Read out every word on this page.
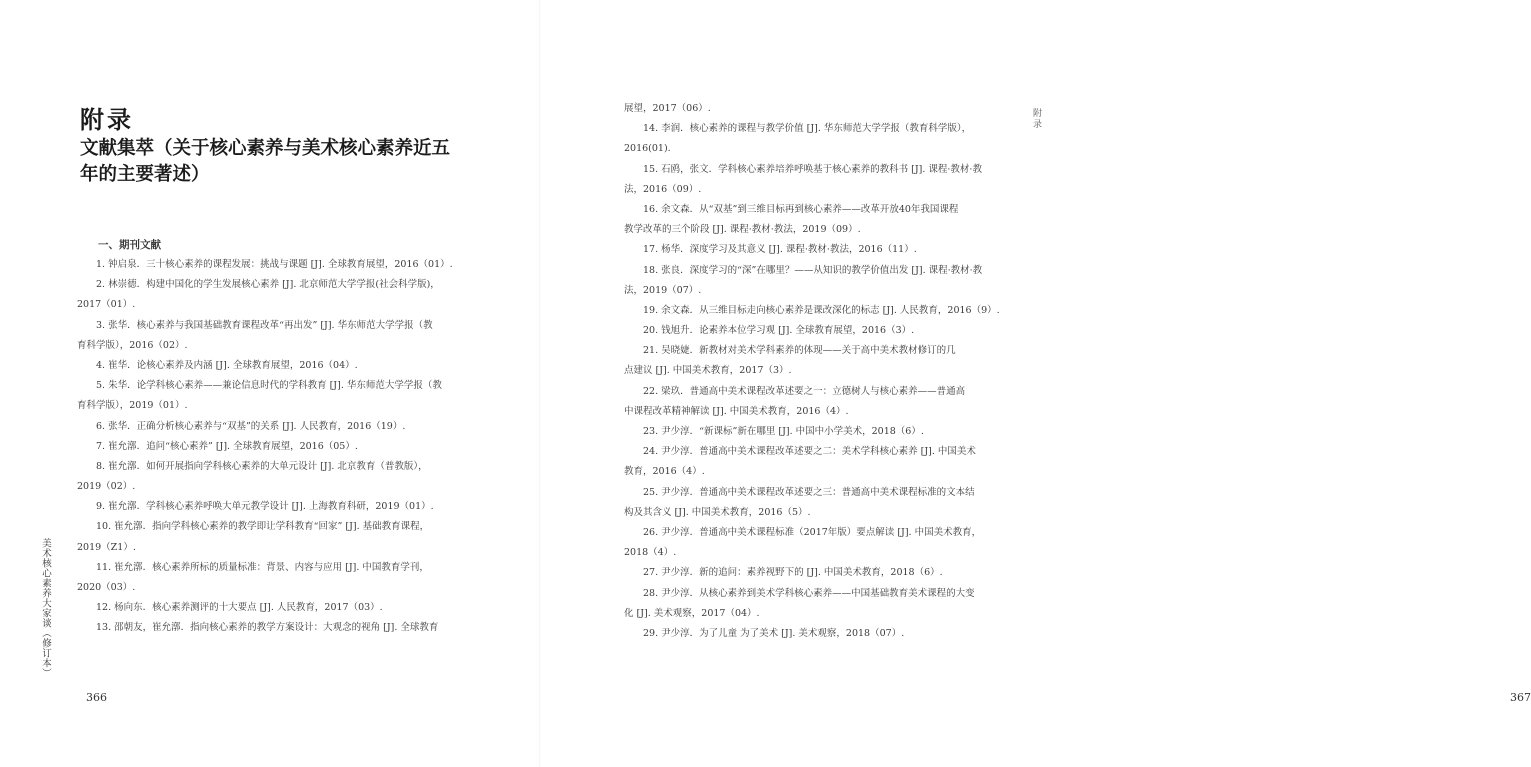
附录
文献集萃（关于核心素养与美术核心素养近五年的主要著述）
一、期刊文献
1. 钟启泉．三十核心素养的课程发展：挑战与课题 [J]. 全球教育展望，2016（01）.
2. 林崇德．构建中国化的学生发展核心素养 [J]. 北京师范大学学报(社会科学版)，
2017（01）.
3. 张华．核心素养与我国基础教育课程改革“再出发” [J]. 华东师范大学学报（教
育科学版），2016（02）.
4. 崔华．论核心素养及内涵 [J]. 全球教育展望，2016（04）.
5. 朱华．论学科核心素养——兼论信息时代的学科教育 [J]. 华东师范大学学报（教
育科学版），2019（01）.
6. 张华．正确分析核心素养与“双基”的关系 [J]. 人民教育，2016（19）.
7. 崔允漷．追问“核心素养” [J]. 全球教育展望，2016（05）.
8. 崔允漷．如何开展指向学科核心素养的大单元设计 [J]. 北京教育（普教版），
2019（02）.
9. 崔允漷．学科核心素养呼唤大单元教学设计 [J]. 上海教育科研，2019（01）.
10. 崔允漷．指向学科核心素养的教学即让学科教育“回家” [J]. 基础教育课程，
2019（Z1）.
11. 崔允漷．核心素养所标的质量标准：背景、内容与应用 [J]. 中国教育学刊，
2020（03）.
12. 杨向东．核心素养测评的十大要点 [J]. 人民教育，2017（03）.
13. 邵朝友，崔允漷．指向核心素养的教学方案设计：大观念的视角 [J]. 全球教育
美术核心素养大家谈（修订本）
366
展望，2017（06）.
14. 李润．核心素养的课程与教学价值 [J]. 华东师范大学学报（教育科学版），
2016(01).
15. 石鸥，张文．学科核心素养培养呼唤基于核心素养的教科书 [J]. 课程·教材·教
法，2016（09）.
16. 余文森．从“双基”到三维目标再到核心素养——改革开放40年我国课程
教学改革的三个阶段 [J]. 课程·教材·教法，2019（09）.
17. 杨华．深度学习及其意义 [J]. 课程·教材·教法，2016（11）.
18. 张良．深度学习的“深”在哪里？——从知识的教学价值出发 [J]. 课程·教材·教
法，2019（07）.
19. 余文森．从三维目标走向核心素养是课改深化的标志 [J]. 人民教育，2016（9）.
20. 钱旭升．论素养本位学习观 [J]. 全球教育展望，2016（3）.
21. 吴晓婕．新教材对美术学科素养的体现——关于高中美术教材修订的几
点建议 [J]. 中国美术教育，2017（3）.
22. 梁玖．普通高中美术课程改革述要之一：立德树人与核心素养——普通高
中课程改革精神解读 [J]. 中国美术教育，2016（4）.
23. 尹少淳．“新课标”新在哪里 [J]. 中国中小学美术，2018（6）.
24. 尹少淳．普通高中美术课程改革述要之二：美术学科核心素养 [J]. 中国美术
教育，2016（4）.
25. 尹少淳．普通高中美术课程改革述要之三：普通高中美术课程标准的文本结
构及其含义 [J]. 中国美术教育，2016（5）.
26. 尹少淳．普通高中美术课程标准（2017年版）要点解读 [J]. 中国美术教育，
2018（4）.
27. 尹少淳．新的追问：素养视野下的 [J]. 中国美术教育，2018（6）.
28. 尹少淳．从核心素养到美术学科核心素养——中国基础教育美术课程的大变
化 [J]. 美术观察，2017（04）.
29. 尹少淳．为了儿童 为了美术 [J]. 美术观察，2018（07）.
367
附录
